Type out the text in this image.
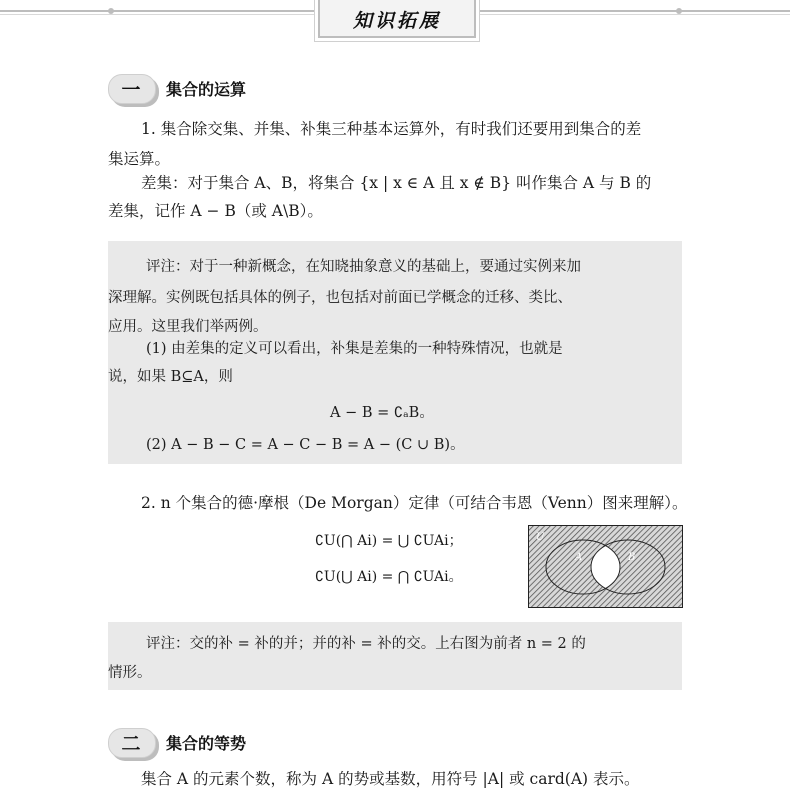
知识拓展
一	集合的运算
1. 集合除交集、并集、补集三种基本运算外，有时我们还要用到集合的差
集运算。
差集：对于集合 A、B，将集合 {x | x ∈ A 且 x ∉ B} 叫作集合 A 与 B 的
差集，记作 A − B（或 A\B）。
评注：对于一种新概念，在知晓抽象意义的基础上，要通过实例来加
深理解。实例既包括具体的例子，也包括对前面已学概念的迁移、类比、
应用。这里我们举两例。
(1) 由差集的定义可以看出，补集是差集的一种特殊情况，也就是
说，如果 B⊆A，则
A − B = ∁ₐB。
(2) A − B − C = A − C − B = A − (C ∪ B)。
2. n 个集合的德·摩根（De Morgan）定律（可结合韦恩（Venn）图来理解）。
∁U(⋂ Ai) = ⋃ ∁UAi；
∁U(⋃ Ai) = ⋂ ∁UAi。
U
A	B
评注：交的补 = 补的并；并的补 = 补的交。上右图为前者 n = 2 的
情形。
二	集合的等势
集合 A 的元素个数，称为 A 的势或基数，用符号 |A| 或 card(A) 表示。
